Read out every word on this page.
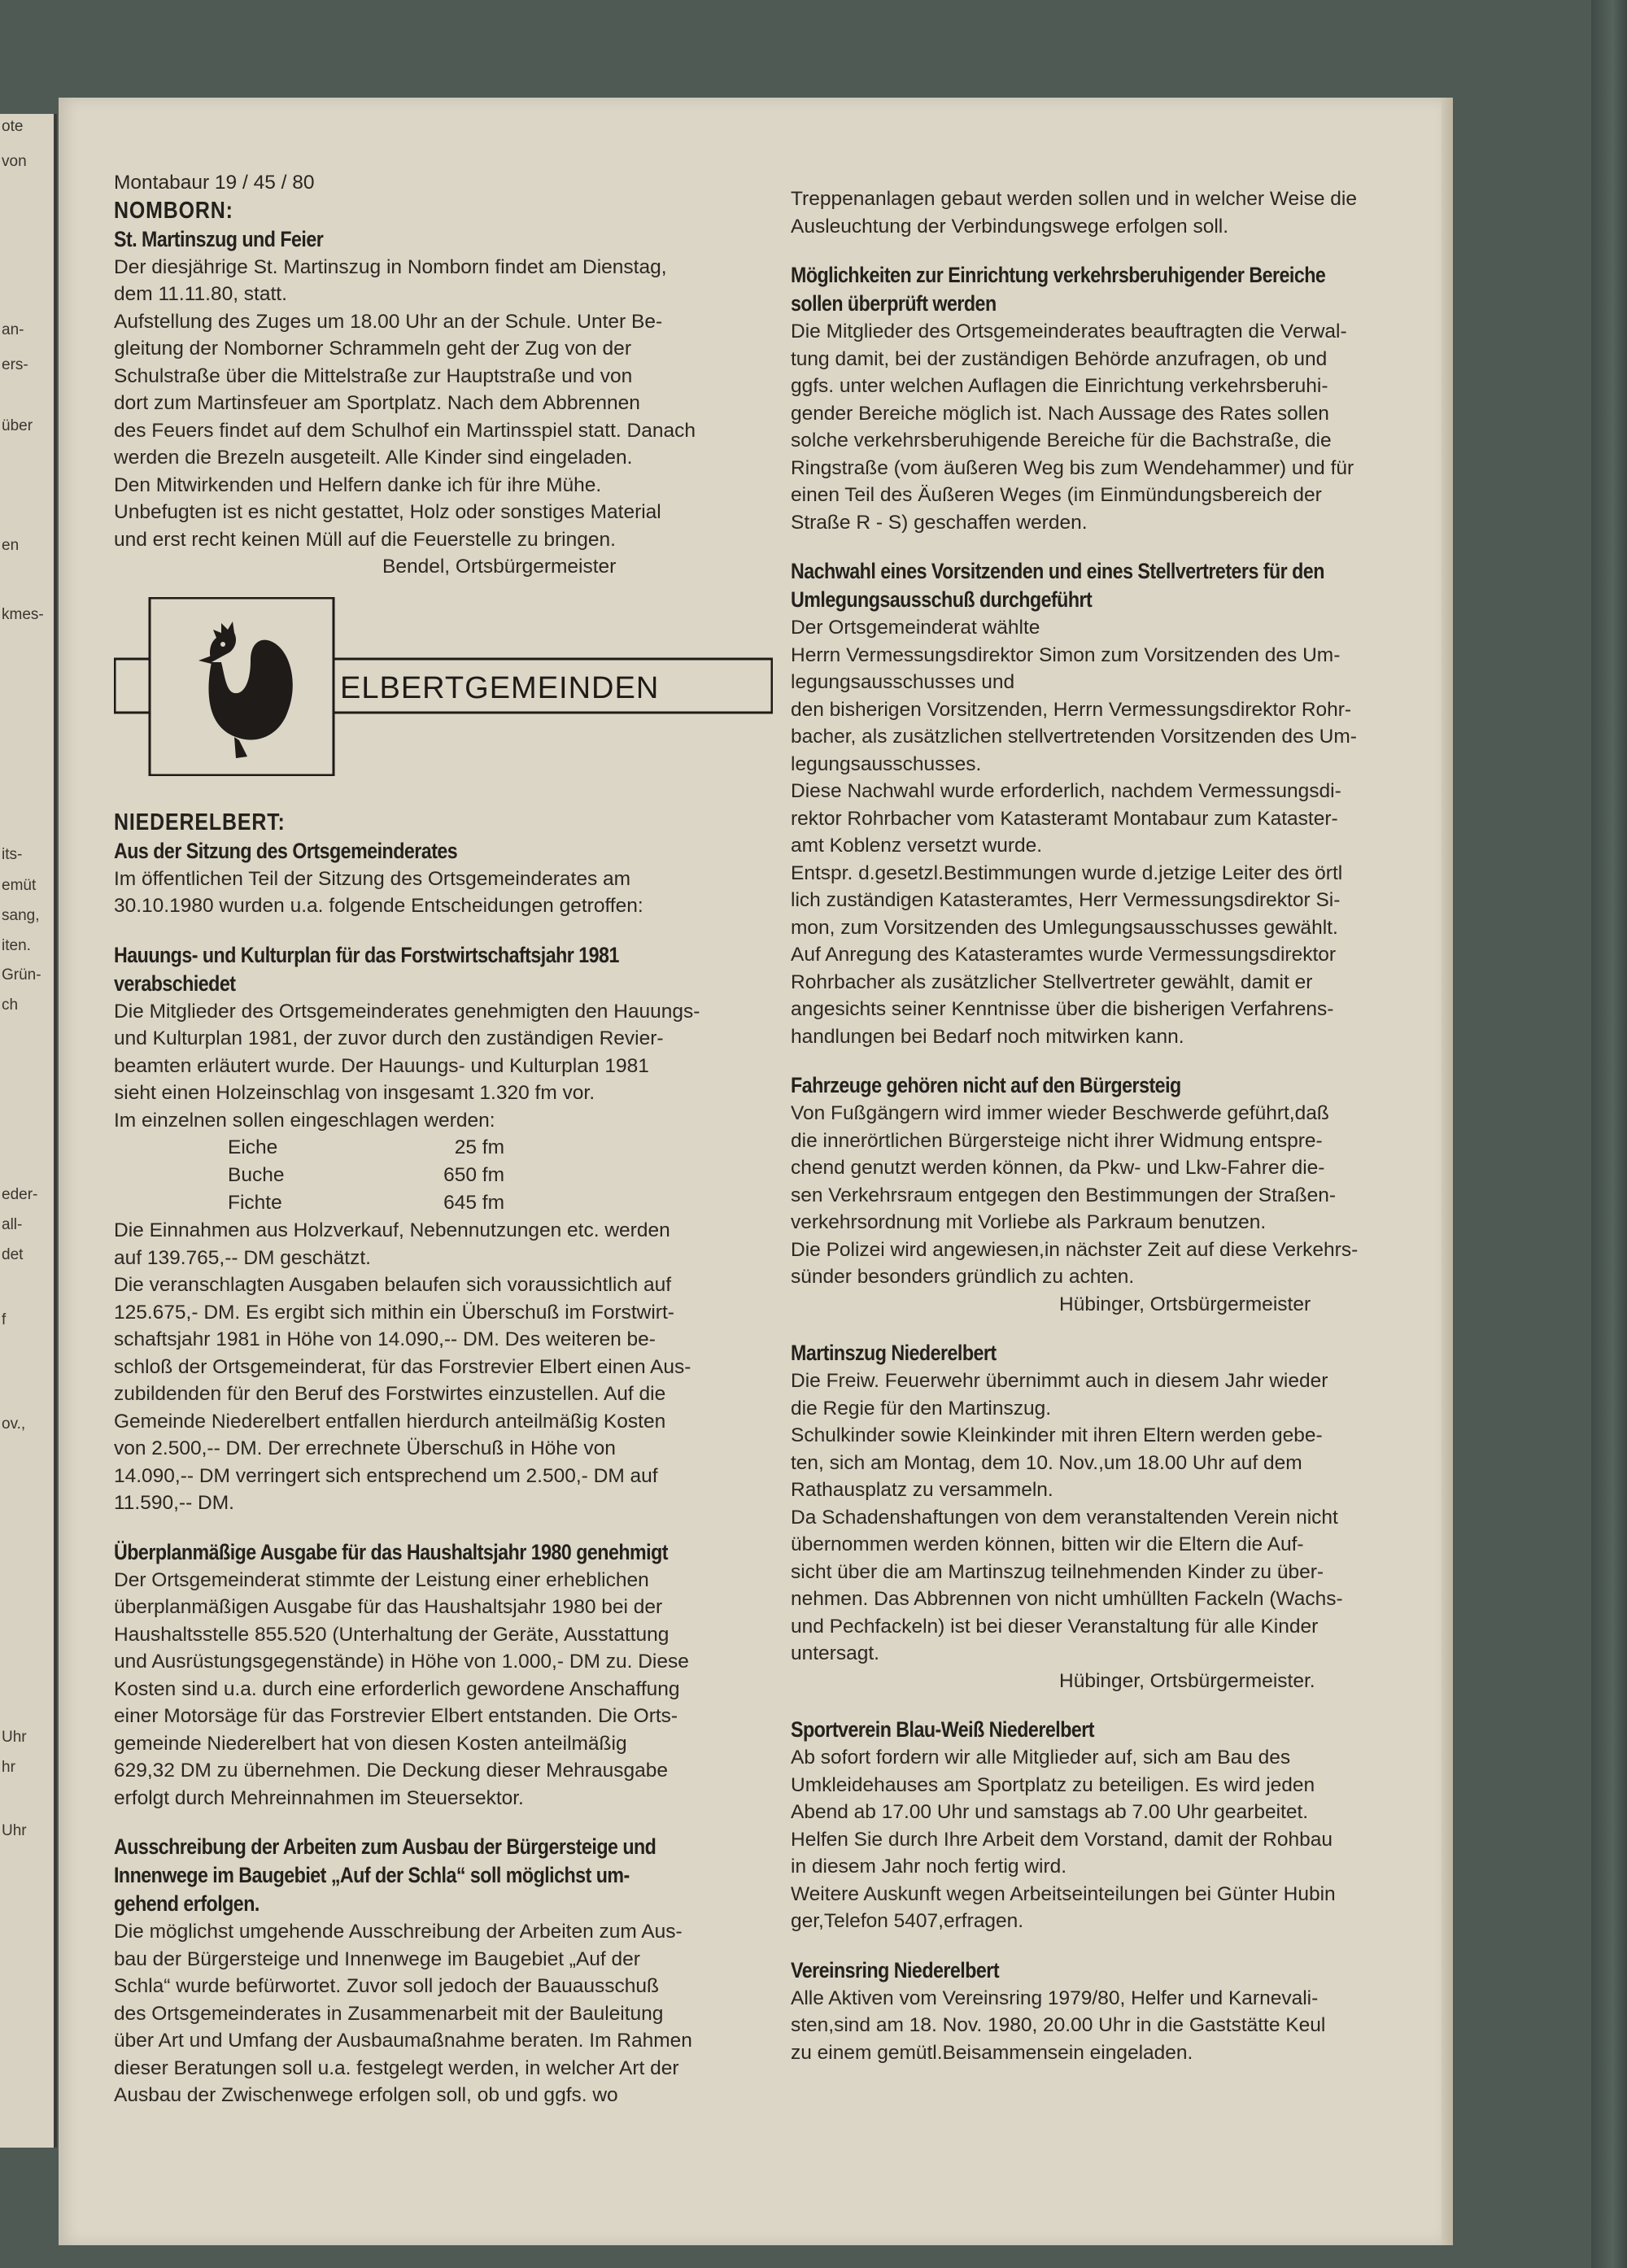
ote
von
an-
ers-
über
en
kmes-
its-
emüt
sang,
iten.
Grün-
ch
eder-
all-
det
f
ov.,
Uhr
hr
Uhr
Montabaur 19 / 45 / 80
NOMBORN:
St. Martinszug und Feier
Der diesjährige St. Martinszug in Nomborn findet am Dienstag,
dem 11.11.80, statt.
Aufstellung des Zuges um 18.00 Uhr an der Schule. Unter Be-
gleitung der Nomborner Schrammeln geht der Zug von der
Schulstraße über die Mittelstraße zur Hauptstraße und von
dort zum Martinsfeuer am Sportplatz. Nach dem Abbrennen
des Feuers findet auf dem Schulhof ein Martinsspiel statt. Danach
werden die Brezeln ausgeteilt. Alle Kinder sind eingeladen.
Den Mitwirkenden und Helfern danke ich für ihre Mühe.
Unbefugten ist es nicht gestattet, Holz oder sonstiges Material
und erst recht keinen Müll auf die Feuerstelle zu bringen.
Bendel, Ortsbürgermeister
ELBERTGEMEINDEN
NIEDERELBERT:
Aus der Sitzung des Ortsgemeinderates
Im öffentlichen Teil der Sitzung des Ortsgemeinderates am
30.10.1980 wurden u.a. folgende Entscheidungen getroffen:
Hauungs- und Kulturplan für das Forstwirtschaftsjahr 1981
verabschiedet
Die Mitglieder des Ortsgemeinderates genehmigten den Hauungs-
und Kulturplan 1981, der zuvor durch den zuständigen Revier-
beamten erläutert wurde. Der Hauungs- und Kulturplan 1981
sieht einen Holzeinschlag von insgesamt 1.320 fm vor.
Im einzelnen sollen eingeschlagen werden:
Eiche	25 fm
Buche	650 fm
Fichte	645 fm
Die Einnahmen aus Holzverkauf, Nebennutzungen etc. werden
auf 139.765,-- DM geschätzt.
Die veranschlagten Ausgaben belaufen sich voraussichtlich auf
125.675,- DM. Es ergibt sich mithin ein Überschuß im Forstwirt-
schaftsjahr 1981 in Höhe von 14.090,-- DM. Des weiteren be-
schloß der Ortsgemeinderat, für das Forstrevier Elbert einen Aus-
zubildenden für den Beruf des Forstwirtes einzustellen. Auf die
Gemeinde Niederelbert entfallen hierdurch anteilmäßig Kosten
von 2.500,-- DM. Der errechnete Überschuß in Höhe von
14.090,-- DM verringert sich entsprechend um 2.500,- DM auf
11.590,-- DM.
Überplanmäßige Ausgabe für das Haushaltsjahr 1980 genehmigt
Der Ortsgemeinderat stimmte der Leistung einer erheblichen
überplanmäßigen Ausgabe für das Haushaltsjahr 1980 bei der
Haushaltsstelle 855.520 (Unterhaltung der Geräte, Ausstattung
und Ausrüstungsgegenstände) in Höhe von 1.000,- DM zu. Diese
Kosten sind u.a. durch eine erforderlich gewordene Anschaffung
einer Motorsäge für das Forstrevier Elbert entstanden. Die Orts-
gemeinde Niederelbert hat von diesen Kosten anteilmäßig
629,32 DM zu übernehmen. Die Deckung dieser Mehrausgabe
erfolgt durch Mehreinnahmen im Steuersektor.
Ausschreibung der Arbeiten zum Ausbau der Bürgersteige und
Innenwege im Baugebiet „Auf der Schla“ soll möglichst um-
gehend erfolgen.
Die möglichst umgehende Ausschreibung der Arbeiten zum Aus-
bau der Bürgersteige und Innenwege im Baugebiet „Auf der
Schla“ wurde befürwortet. Zuvor soll jedoch der Bauausschuß
des Ortsgemeinderates in Zusammenarbeit mit der Bauleitung
über Art und Umfang der Ausbaumaßnahme beraten. Im Rahmen
dieser Beratungen soll u.a. festgelegt werden, in welcher Art der
Ausbau der Zwischenwege erfolgen soll, ob und ggfs. wo
Treppenanlagen gebaut werden sollen und in welcher Weise die
Ausleuchtung der Verbindungswege erfolgen soll.
Möglichkeiten zur Einrichtung verkehrsberuhigender Bereiche
sollen überprüft werden
Die Mitglieder des Ortsgemeinderates beauftragten die Verwal-
tung damit, bei der zuständigen Behörde anzufragen, ob und
ggfs. unter welchen Auflagen die Einrichtung verkehrsberuhi-
gender Bereiche möglich ist. Nach Aussage des Rates sollen
solche verkehrsberuhigende Bereiche für die Bachstraße, die
Ringstraße (vom äußeren Weg bis zum Wendehammer) und für
einen Teil des Äußeren Weges (im Einmündungsbereich der
Straße R - S) geschaffen werden.
Nachwahl eines Vorsitzenden und eines Stellvertreters für den
Umlegungsausschuß durchgeführt
Der Ortsgemeinderat wählte
Herrn Vermessungsdirektor Simon zum Vorsitzenden des Um-
legungsausschusses und
den bisherigen Vorsitzenden, Herrn Vermessungsdirektor Rohr-
bacher, als zusätzlichen stellvertretenden Vorsitzenden des Um-
legungsausschusses.
Diese Nachwahl wurde erforderlich, nachdem Vermessungsdi-
rektor Rohrbacher vom Katasteramt Montabaur zum Kataster-
amt Koblenz versetzt wurde.
Entspr. d.gesetzl.Bestimmungen wurde d.jetzige Leiter des örtl
lich zuständigen Katasteramtes, Herr Vermessungsdirektor Si-
mon, zum Vorsitzenden des Umlegungsausschusses gewählt.
Auf Anregung des Katasteramtes wurde Vermessungsdirektor
Rohrbacher als zusätzlicher Stellvertreter gewählt, damit er
angesichts seiner Kenntnisse über die bisherigen Verfahrens-
handlungen bei Bedarf noch mitwirken kann.
Fahrzeuge gehören nicht auf den Bürgersteig
Von Fußgängern wird immer wieder Beschwerde geführt,daß
die innerörtlichen Bürgersteige nicht ihrer Widmung entspre-
chend genutzt werden können, da Pkw- und Lkw-Fahrer die-
sen Verkehrsraum entgegen den Bestimmungen der Straßen-
verkehrsordnung mit Vorliebe als Parkraum benutzen.
Die Polizei wird angewiesen,in nächster Zeit auf diese Verkehrs-
sünder besonders gründlich zu achten.
Hübinger, Ortsbürgermeister
Martinszug Niederelbert
Die Freiw. Feuerwehr übernimmt auch in diesem Jahr wieder
die Regie für den Martinszug.
Schulkinder sowie Kleinkinder mit ihren Eltern werden gebe-
ten, sich am Montag, dem 10. Nov.,um 18.00 Uhr auf dem
Rathausplatz zu versammeln.
Da Schadenshaftungen von dem veranstaltenden Verein nicht
übernommen werden können, bitten wir die Eltern die Auf-
sicht über die am Martinszug teilnehmenden Kinder zu über-
nehmen. Das Abbrennen von nicht umhüllten Fackeln (Wachs-
und Pechfackeln) ist bei dieser Veranstaltung für alle Kinder
untersagt.
Hübinger, Ortsbürgermeister.
Sportverein Blau-Weiß Niederelbert
Ab sofort fordern wir alle Mitglieder auf, sich am Bau des
Umkleidehauses am Sportplatz zu beteiligen. Es wird jeden
Abend ab 17.00 Uhr und samstags ab 7.00 Uhr gearbeitet.
Helfen Sie durch Ihre Arbeit dem Vorstand, damit der Rohbau
in diesem Jahr noch fertig wird.
Weitere Auskunft wegen Arbeitseinteilungen bei Günter Hubin
ger,Telefon 5407,erfragen.
Vereinsring Niederelbert
Alle Aktiven vom Vereinsring 1979/80, Helfer und Karnevali-
sten,sind am 18. Nov. 1980, 20.00 Uhr in die Gaststätte Keul
zu einem gemütl.Beisammensein eingeladen.
